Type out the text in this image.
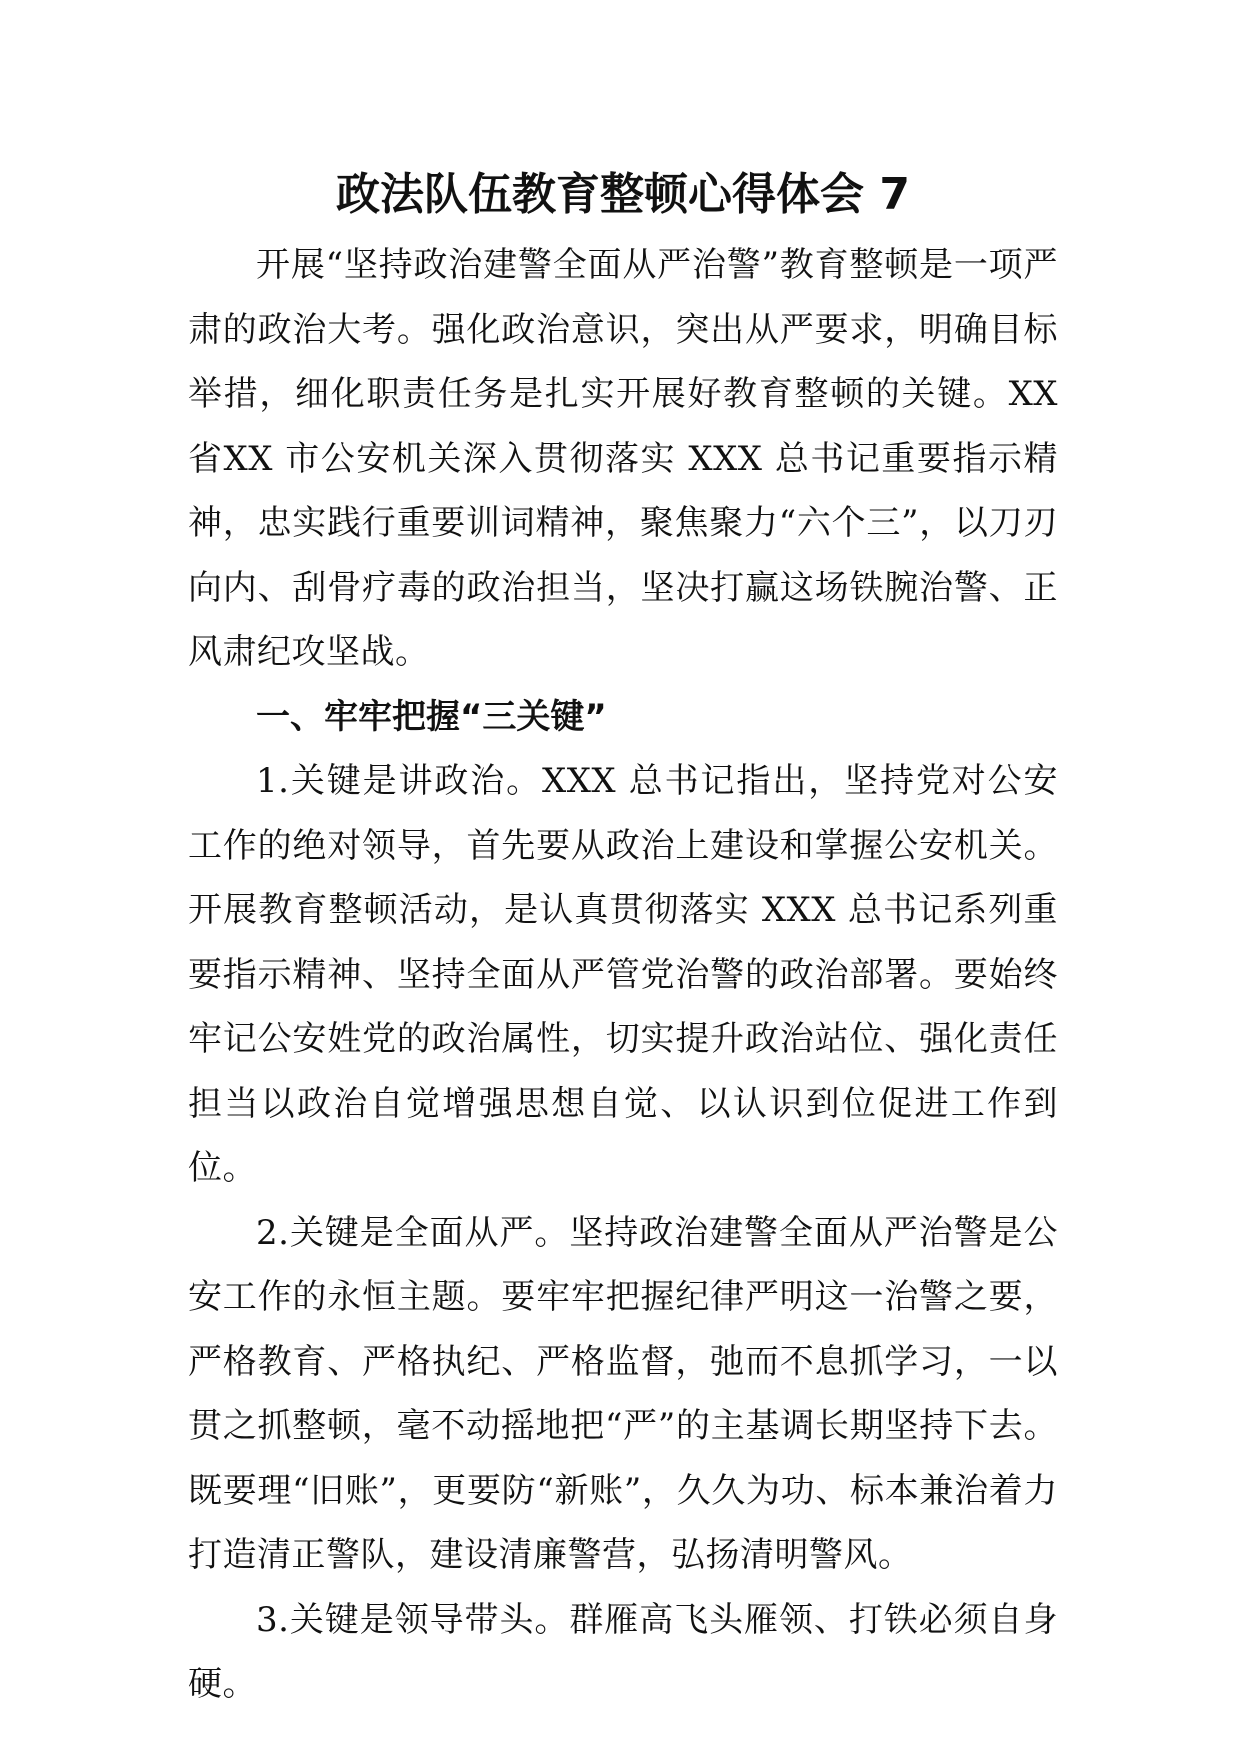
政法队伍教育整顿心得体会 7

开展“坚持政治建警全面从严治警”教育整顿是一项严肃的政治大考。强化政治意识，突出从严要求，明确目标举措，细化职责任务是扎实开展好教育整顿的关键。XX省XX 市公安机关深入贯彻落实 XXX 总书记重要指示精神，忠实践行重要训词精神，聚焦聚力“六个三”，以刀刃向内、刮骨疗毒的政治担当，坚决打赢这场铁腕治警、正风肃纪攻坚战。

一、牢牢把握“三关键”

1.关键是讲政治。XXX 总书记指出，坚持党对公安工作的绝对领导，首先要从政治上建设和掌握公安机关。开展教育整顿活动，是认真贯彻落实 XXX 总书记系列重要指示精神、坚持全面从严管党治警的政治部署。要始终牢记公安姓党的政治属性，切实提升政治站位、强化责任担当以政治自觉增强思想自觉、以认识到位促进工作到位。

2.关键是全面从严。坚持政治建警全面从严治警是公安工作的永恒主题。要牢牢把握纪律严明这一治警之要，严格教育、严格执纪、严格监督，弛而不息抓学习，一以贯之抓整顿，毫不动摇地把“严”的主基调长期坚持下去。既要理“旧账”，更要防“新账”，久久为功、标本兼治着力打造清正警队，建设清廉警营，弘扬清明警风。

3.关键是领导带头。群雁高飞头雁领、打铁必须自身硬。
